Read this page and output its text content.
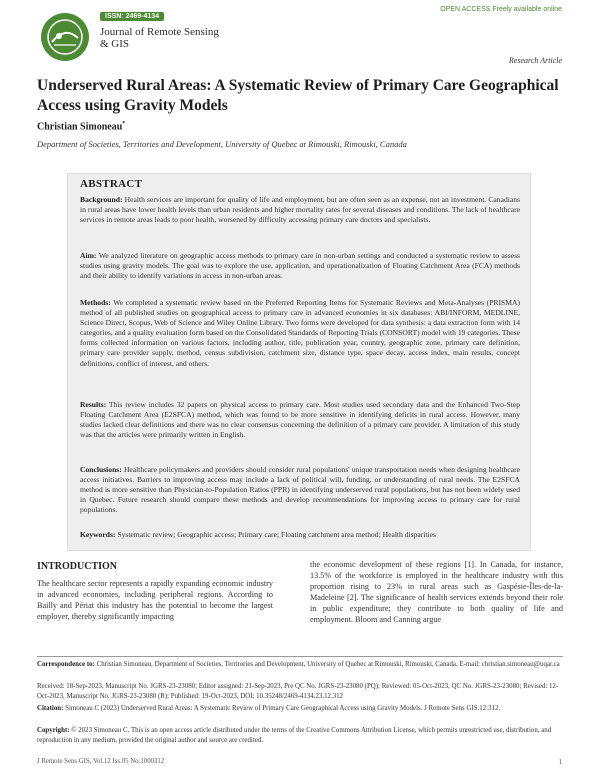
ISSN: 2469-4134
Journal of Remote Sensing & GIS
OPEN ACCESS Freely available online
Research Article
Underserved Rural Areas: A Systematic Review of Primary Care Geographical Access using Gravity Models
Christian Simoneau*
Department of Societies, Territories and Development, University of Quebec at Rimouski, Rimouski, Canada
ABSTRACT
Background: Health services are important for quality of life and employment, but are often seen as an expense, not an investment. Canadians in rural areas have lower health levels than urban residents and higher mortality rates for several diseases and conditions. The lack of healthcare services in remote areas leads to poor health, worsened by difficulty accessing primary care doctors and specialists.
Aim: We analyzed literature on geographic access methods to primary care in non-urban settings and conducted a systematic review to assess studies using gravity models. The goal was to explore the use, application, and operationalization of Floating Catchment Area (FCA) methods and their ability to identify variations in access in non-urban areas.
Methods: We completed a systematic review based on the Preferred Reporting Items for Systematic Reviews and Meta-Analyses (PRISMA) method of all published studies on geographical access to primary care in advanced economies in six databases: ABI/INFORM, MEDLINE, Science Direct, Scopus, Web of Science and Wiley Online Library. Two forms were developed for data synthesis: a data extraction form with 14 categories, and a quality evaluation form based on the Consolidated Standards of Reporting Trials (CONSORT) model with 19 categories. These forms collected information on various factors, including author, title, publication year, country, geographic zone, primary care definition, primary care provider supply, method, census subdivision, catchment size, distance type, space decay, access index, main results, concept definitions, conflict of interest, and others.
Results: This review includes 32 papers on physical access to primary care. Most studies used secondary data and the Enhanced Two-Step Floating Catchment Area (E2SFCA) method, which was found to be more sensitive in identifying deficits in rural access. However, many studies lacked clear definitions and there was no clear consensus concerning the definition of a primary care provider. A limitation of this study was that the articles were primarily written in English.
Conclusions: Healthcare policymakers and providers should consider rural populations' unique transportation needs when designing healthcare access initiatives. Barriers to improving access may include a lack of political will, funding, or understanding of rural needs. The E2SFCA method is more sensitive than Physician-to-Population Ratios (PPR) in identifying underserved rural populations, but has not been widely used in Quebec. Future research should compare these methods and develop recommendations for improving access to primary care for rural populations.
Keywords: Systematic review; Geographic access; Primary care; Floating catchment area method; Health disparities
INTRODUCTION
The healthcare sector represents a rapidly expanding economic industry in advanced economies, including peripheral regions. According to Bailly and Périat this industry has the potential to become the largest employer, thereby significantly impacting
the economic development of these regions [1]. In Canada, for instance, 13.5% of the workforce is employed in the healthcare industry with this proportion rising to 23% in rural areas such as Gaspésie-Îles-de-la-Madeleine [2]. The significance of health services extends beyond their role in public expenditure; they contribute to both quality of life and employment. Bloom and Canning argue
Correspondence to: Christian Simoneau, Department of Societies, Territories and Development, University of Quebec at Rimouski, Rimouski, Canada, E-mail: christian.simoneau@uqar.ca
Received: 18-Sep-2023, Manuscript No. JGRS-23-23080; Editor assigned: 21-Sep-2023, Pre QC No. JGRS-23-23080 (PQ); Reviewed: 05-Oct-2023, QC No. JGRS-23-23080; Revised: 12-Oct-2023, Manuscript No. JGRS-23-23080 (R); Published: 19-Oct-2023, DOI: 10.35248/2469-4134.23.12.312
Citation: Simoneau C (2023) Underserved Rural Areas: A Systematic Review of Primary Care Geographical Access using Gravity Models. J Remote Sens GIS.12:312.
Copyright: © 2023 Simoneau C. This is an open access article distributed under the terms of the Creative Commons Attribution License, which permits unrestricted use, distribution, and reproduction in any medium, provided the original author and source are credited.
J Remote Sens GIS, Vol.12 Iss.05 No:1000312	1
